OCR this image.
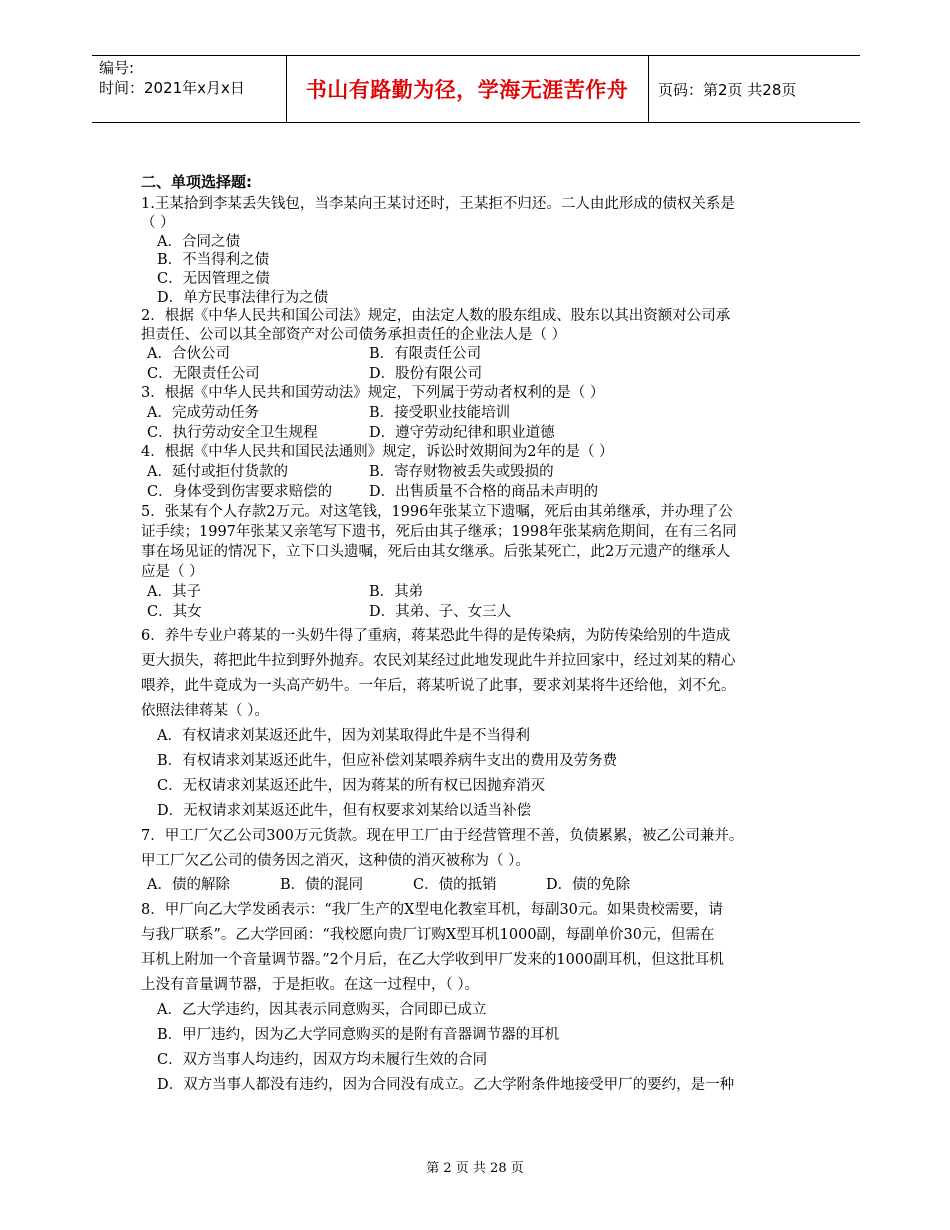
编号:
时间：2021年x月x日	书山有路勤为径，学海无涯苦作舟	页码：第2页 共28页
二、单项选择题:
1.王某拾到李某丢失钱包，当李某向王某讨还时，王某拒不归还。二人由此形成的债权关系是
（ ）
A．合同之债
B．不当得利之债
C．无因管理之债
D．单方民事法律行为之债
2．根据《中华人民共和国公司法》规定，由法定人数的股东组成、股东以其出资额对公司承
担责任、公司以其全部资产对公司债务承担责任的企业法人是（ ）
A．合伙公司	B．有限责任公司
C．无限责任公司	D．股份有限公司
3．根据《中华人民共和国劳动法》规定，下列属于劳动者权利的是（ ）
A．完成劳动任务	B．接受职业技能培训
C．执行劳动安全卫生规程	D．遵守劳动纪律和职业道德
4．根据《中华人民共和国民法通则》规定，诉讼时效期间为2年的是（ ）
A．延付或拒付货款的	B．寄存财物被丢失或毁损的
C．身体受到伤害要求赔偿的	D．出售质量不合格的商品未声明的
5．张某有个人存款2万元。对这笔钱，1996年张某立下遗嘱，死后由其弟继承，并办理了公
证手续；1997年张某又亲笔写下遗书，死后由其子继承；1998年张某病危期间，在有三名同
事在场见证的情况下，立下口头遗嘱，死后由其女继承。后张某死亡，此2万元遗产的继承人
应是（ ）
A．其子	B．其弟
C．其女	D．其弟、子、女三人
6．养牛专业户蒋某的一头奶牛得了重病，蒋某恐此牛得的是传染病，为防传染给别的牛造成
更大损失，蒋把此牛拉到野外抛弃。农民刘某经过此地发现此牛并拉回家中，经过刘某的精心
喂养，此牛竟成为一头高产奶牛。一年后，蒋某听说了此事，要求刘某将牛还给他，刘不允。
依照法律蒋某（ ）。
A．有权请求刘某返还此牛，因为刘某取得此牛是不当得利
B．有权请求刘某返还此牛，但应补偿刘某喂养病牛支出的费用及劳务费
C．无权请求刘某返还此牛，因为蒋某的所有权已因抛弃消灭
D．无权请求刘某返还此牛，但有权要求刘某给以适当补偿
7．甲工厂欠乙公司300万元货款。现在甲工厂由于经营管理不善，负债累累，被乙公司兼并。
甲工厂欠乙公司的债务因之消灭，这种债的消灭被称为（ ）。
A．债的解除	B．债的混同	C．债的抵销	D．债的免除
8．甲厂向乙大学发函表示：“我厂生产的X型电化教室耳机，每副30元。如果贵校需要，请
与我厂联系”。乙大学回函：“我校愿向贵厂订购X型耳机1000副，每副单价30元，但需在
耳机上附加一个音量调节器。”2个月后，在乙大学收到甲厂发来的1000副耳机，但这批耳机
上没有音量调节器，于是拒收。在这一过程中，（ ）。
A．乙大学违约，因其表示同意购买，合同即已成立
B．甲厂违约，因为乙大学同意购买的是附有音器调节器的耳机
C．双方当事人均违约，因双方均未履行生效的合同
D．双方当事人都没有违约，因为合同没有成立。乙大学附条件地接受甲厂的要约，是一种
第 2 页 共 28 页
